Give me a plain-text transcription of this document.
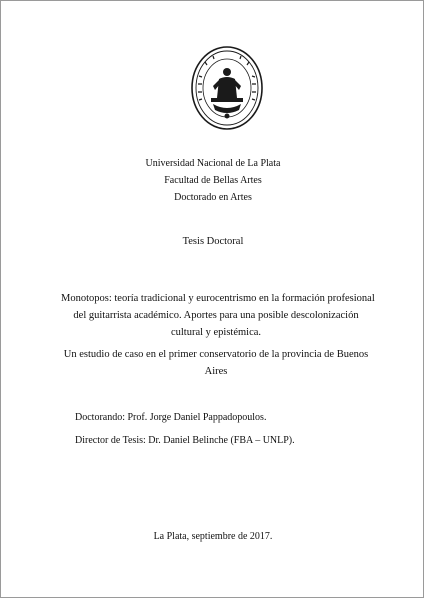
Universidad Nacional de La Plata
Facultad de Bellas Artes
Doctorado en Artes
Tesis Doctoral
Monotopos: teoría tradicional y eurocentrismo en la formación profesional
del guitarrista académico. Aportes para una posible descolonización
cultural y epistémica.
Un estudio de caso en el primer conservatorio de la provincia de Buenos
Aires
Doctorando: Prof. Jorge Daniel Pappadopoulos.
Director de Tesis: Dr. Daniel Belinche (FBA – UNLP).
La Plata, septiembre de 2017.
